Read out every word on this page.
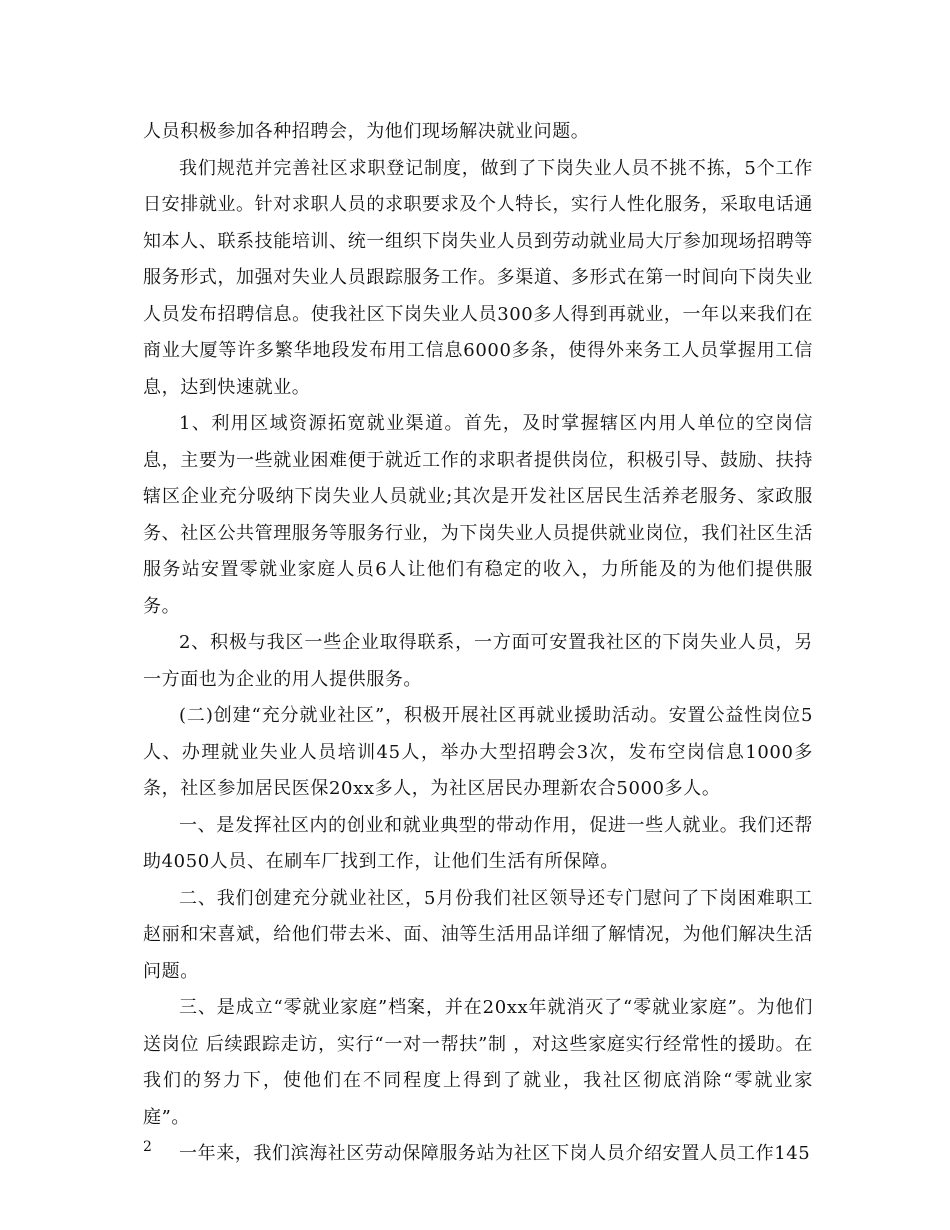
人员积极参加各种招聘会，为他们现场解决就业问题。

我们规范并完善社区求职登记制度，做到了下岗失业人员不挑不拣，5个工作日安排就业。针对求职人员的求职要求及个人特长，实行人性化服务，采取电话通知本人、联系技能培训、统一组织下岗失业人员到劳动就业局大厅参加现场招聘等服务形式，加强对失业人员跟踪服务工作。多渠道、多形式在第一时间向下岗失业人员发布招聘信息。使我社区下岗失业人员300多人得到再就业，一年以来我们在商业大厦等许多繁华地段发布用工信息6000多条，使得外来务工人员掌握用工信息，达到快速就业。

1、利用区域资源拓宽就业渠道。首先，及时掌握辖区内用人单位的空岗信息，主要为一些就业困难便于就近工作的求职者提供岗位，积极引导、鼓励、扶持辖区企业充分吸纳下岗失业人员就业;其次是开发社区居民生活养老服务、家政服务、社区公共管理服务等服务行业，为下岗失业人员提供就业岗位，我们社区生活服务站安置零就业家庭人员6人让他们有稳定的收入，力所能及的为他们提供服务。

2、积极与我区一些企业取得联系，一方面可安置我社区的下岗失业人员，另一方面也为企业的用人提供服务。

(二)创建“充分就业社区”，积极开展社区再就业援助活动。安置公益性岗位5人、办理就业失业人员培训45人，举办大型招聘会3次，发布空岗信息1000多条，社区参加居民医保20xx多人，为社区居民办理新农合5000多人。

一、是发挥社区内的创业和就业典型的带动作用，促进一些人就业。我们还帮助4050人员、在刷车厂找到工作，让他们生活有所保障。

二、我们创建充分就业社区，5月份我们社区领导还专门慰问了下岗困难职工赵丽和宋喜斌，给他们带去米、面、油等生活用品详细了解情况，为他们解决生活问题。

三、是成立“零就业家庭”档案，并在20xx年就消灭了“零就业家庭”。为他们送岗位 后续跟踪走访，实行“一对一帮扶”制 ，对这些家庭实行经常性的援助。在我们的努力下，使他们在不同程度上得到了就业，我社区彻底消除“零就业家庭”。

一年来，我们滨海社区劳动保障服务站为社区下岗人员介绍安置人员工作145

2
